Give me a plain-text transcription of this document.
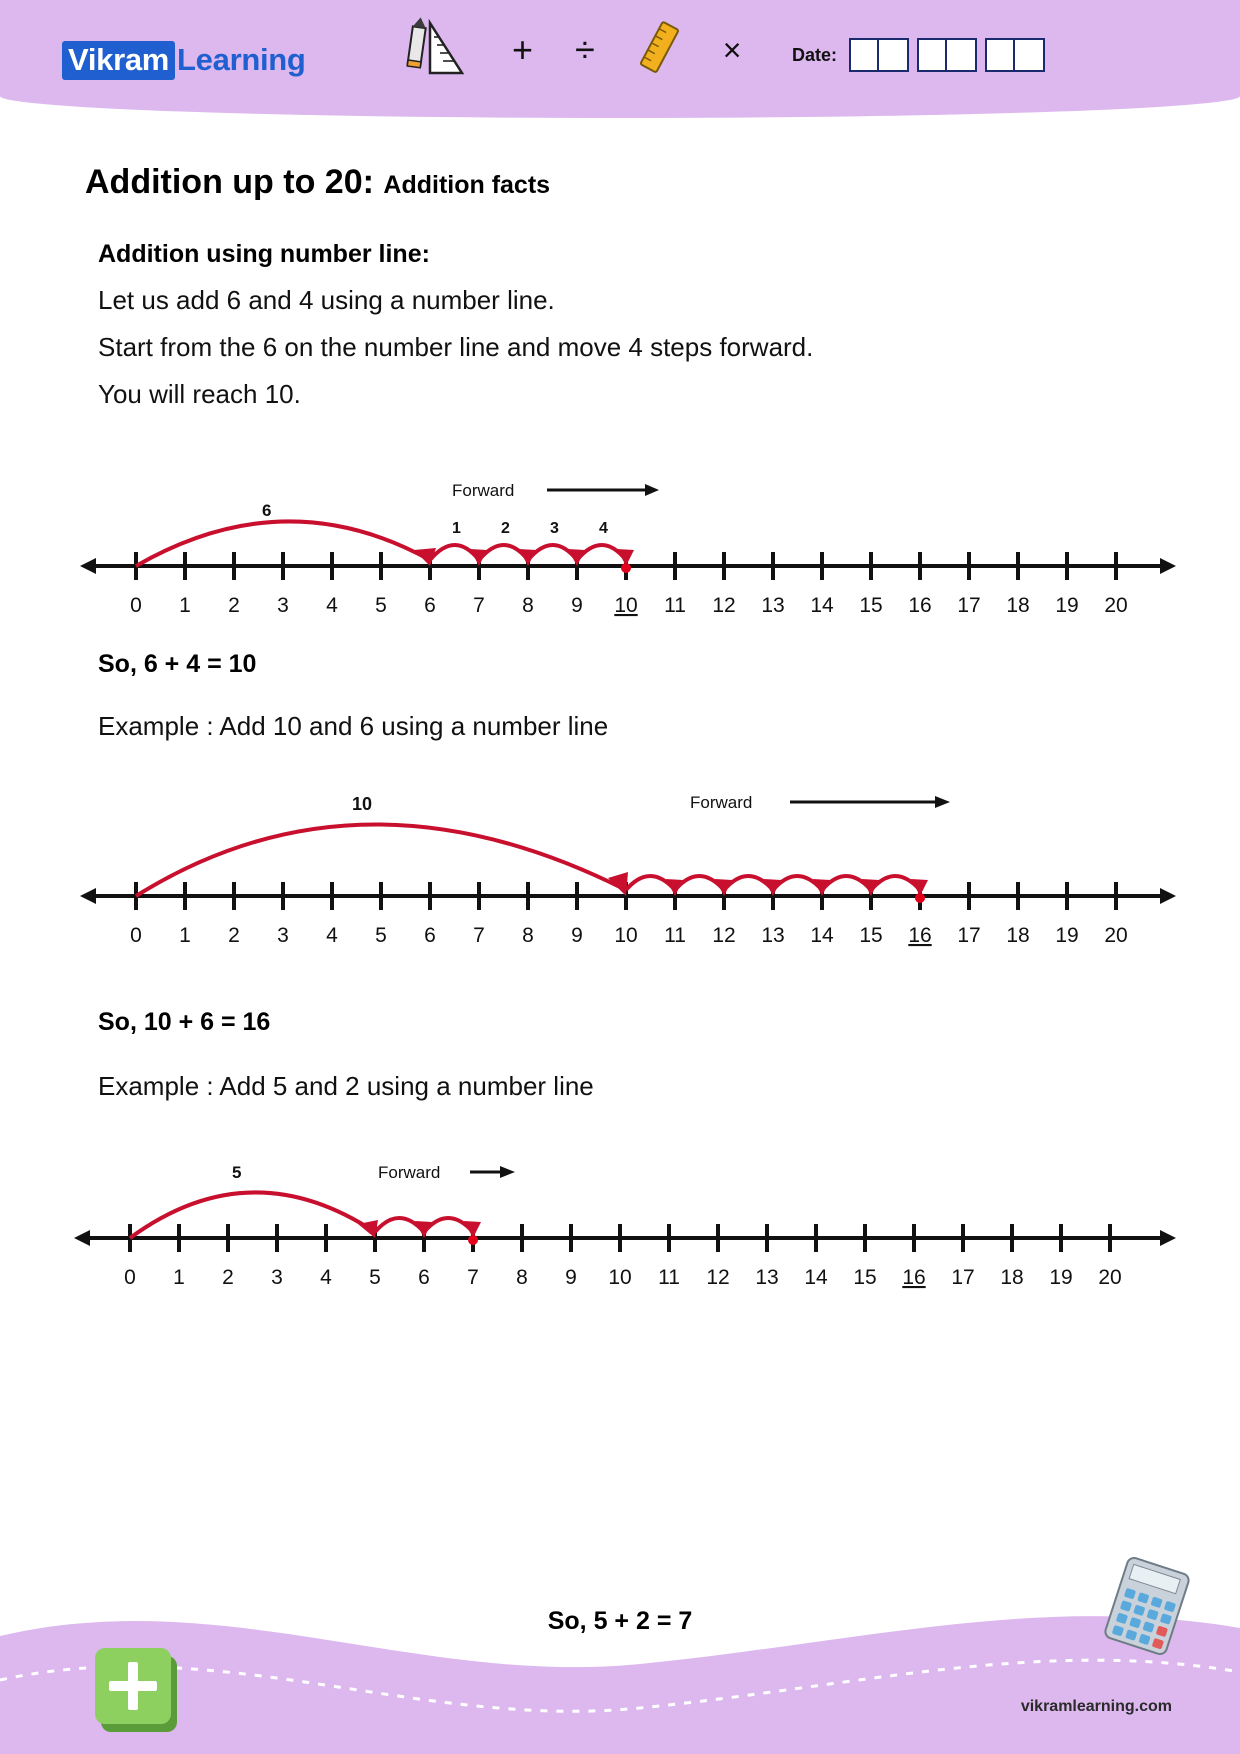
Vikram Learning	+ ÷	×	Date:
Addition up to 20: Addition facts
Addition using number line:

Let us add 6 and 4 using a number line.

Start from the 6 on the number line and move 4 steps forward.

You will reach 10.

Forward
6
1	2	3	4
0 1 2 3 4 5 6 7 8 9 10 11 12 13 14 15 16 17 18 19 20

So, 6 + 4 = 10

Example : Add 10 and 6 using a number line

Forward
10
0 1 2 3 4 5 6 7 8 9 10 11 12 13 14 15 16 17 18 19 20

So, 10 + 6 = 16

Example : Add 5 and 2 using a number line

Forward
5
0 1 2 3 4 5 6 7 8 9 10 11 12 13 14 15 16 17 18 19 20
vikramlearning.com
So, 5 + 2 = 7
